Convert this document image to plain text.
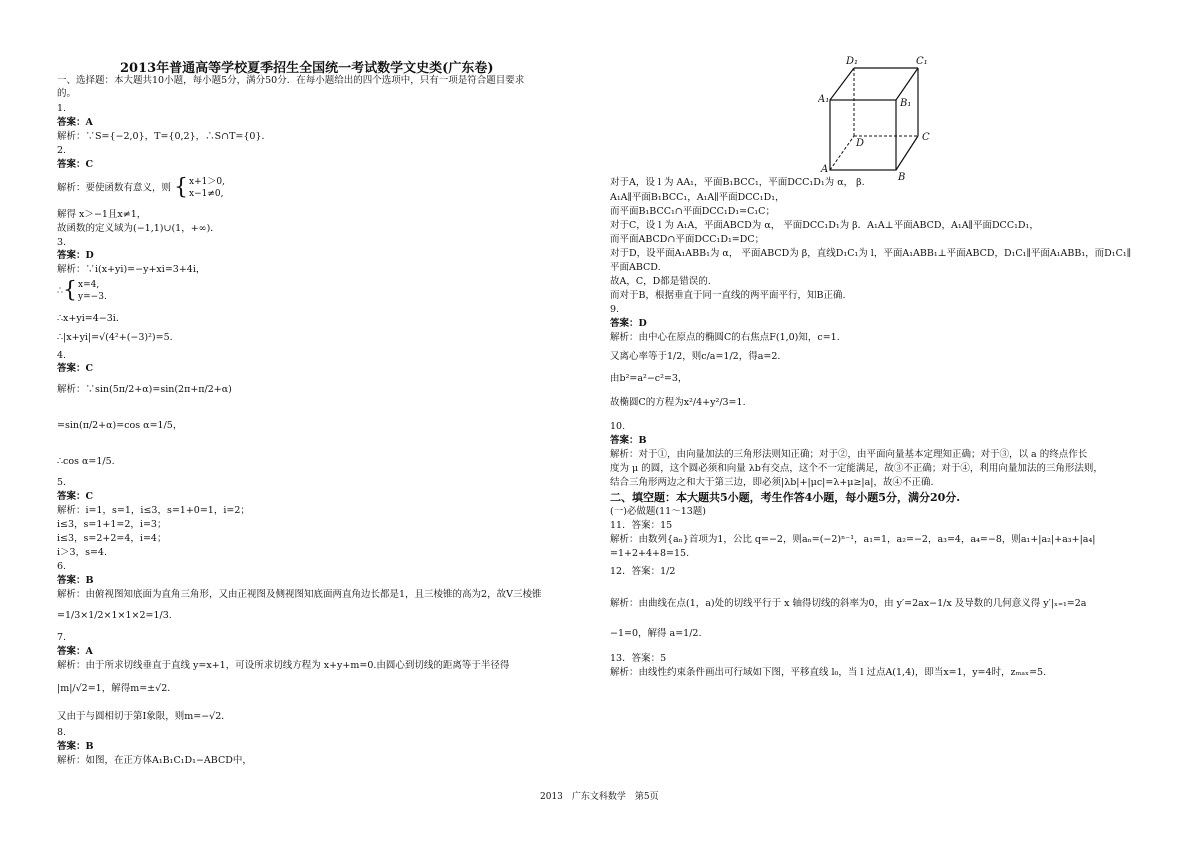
2013年普通高等学校夏季招生全国统一考试数学文史类(广东卷)
一、选择题：本大题共10小题，每小题5分，满分50分．在每小题给出的四个选项中，只有一项是符合题目要求
的。
1.
答案：A
解析：∵S={−2,0}，T={0,2}，∴S∩T={0}．
2.
答案：C
解析：要使函数有意义，则 { x+1＞0,
x−1≠0,
解得 x＞−1且x≠1，
故函数的定义域为(−1,1)∪(1，+∞)．
3.
答案：D
解析：∵i(x+yi)=−y+xi=3+4i，
∴{ x=4,
y=−3.
∴x+yi=4−3i．
∴|x+yi|=√(4²+(−3)²)=5.
4.
答案：C
解析：∵sin(5π/2+α)=sin(2π+π/2+α)
=sin(π/2+α)=cos α=1/5，
∴cos α=1/5.
5.
答案：C
解析：i=1，s=1，i≤3，s=1+0=1，i=2；
i≤3，s=1+1=2，i=3；
i≤3，s=2+2=4，i=4；
i＞3，s=4.
6.
答案：B
解析：由俯视图知底面为直角三角形，又由正视图及侧视图知底面两直角边长都是1，且三棱锥的高为2，故V三棱锥
=1/3×1/2×1×1×2=1/3.
7.
答案：A
解析：由于所求切线垂直于直线 y=x+1，可设所求切线方程为 x+y+m=0.由圆心到切线的距离等于半径得
|m|/√2=1，解得m=±√2．
又由于与圆相切于第Ⅰ象限，则m=−√2．
8.
答案：B
解析：如图，在正方体A₁B₁C₁D₁−ABCD中，
D₁	C₁
A₁	B₁
D
C
A
B
对于A，设 l 为 AA₁，平面B₁BCC₁，平面DCC₁D₁为 α， β.
A₁A∥平面B₁BCC₁，A₁A∥平面DCC₁D₁，
而平面B₁BCC₁∩平面DCC₁D₁=C₁C；
对于C，设 l 为 A₁A，平面ABCD为 α， 平面DCC₁D₁为 β．A₁A⊥平面ABCD，A₁A∥平面DCC₁D₁，
而平面ABCD∩平面DCC₁D₁=DC；
对于D，设平面A₁ABB₁为 α， 平面ABCD为 β，直线D₁C₁为 l，平面A₁ABB₁⊥平面ABCD，D₁C₁∥平面A₁ABB₁，而D₁C₁∥
平面ABCD.
故A，C，D都是错误的.
而对于B，根据垂直于同一直线的两平面平行，知B正确.
9.
答案：D
解析：由中心在原点的椭圆C的右焦点F(1,0)知，c=1.
又离心率等于1/2，则c/a=1/2，得a=2.
由b²=a²−c²=3，
故椭圆C的方程为x²/4+y²/3=1.
10.
答案：B
解析：对于①，由向量加法的三角形法则知正确；对于②，由平面向量基本定理知正确；对于③，以 a 的终点作长
度为 μ 的圆，这个圆必须和向量 λb有交点，这个不一定能满足，故③不正确；对于④，利用向量加法的三角形法则，
结合三角形两边之和大于第三边，即必须|λb|+|μc|=λ+μ≥|a|，故④不正确.
二、填空题：本大题共5小题，考生作答4小题，每小题5分，满分20分.
(一)必做题(11～13题)
11．答案：15
解析：由数列{aₙ}首项为1，公比 q=−2，则aₙ=(−2)ⁿ⁻¹，a₁=1，a₂=−2，a₃=4，a₄=−8，则a₁+|a₂|+a₃+|a₄|
=1+2+4+8=15.
12．答案：1/2
解析：由曲线在点(1，a)处的切线平行于 x 轴得切线的斜率为0，由 y′=2ax−1/x 及导数的几何意义得 y′|ₓ₌₁=2a
−1=0，解得 a=1/2.
13．答案：5
解析：由线性约束条件画出可行域如下图，平移直线 l₀，当 l 过点A(1,4)，即当x=1，y=4时，zₘₐₓ=5.
2013　广东文科数学　第5页
